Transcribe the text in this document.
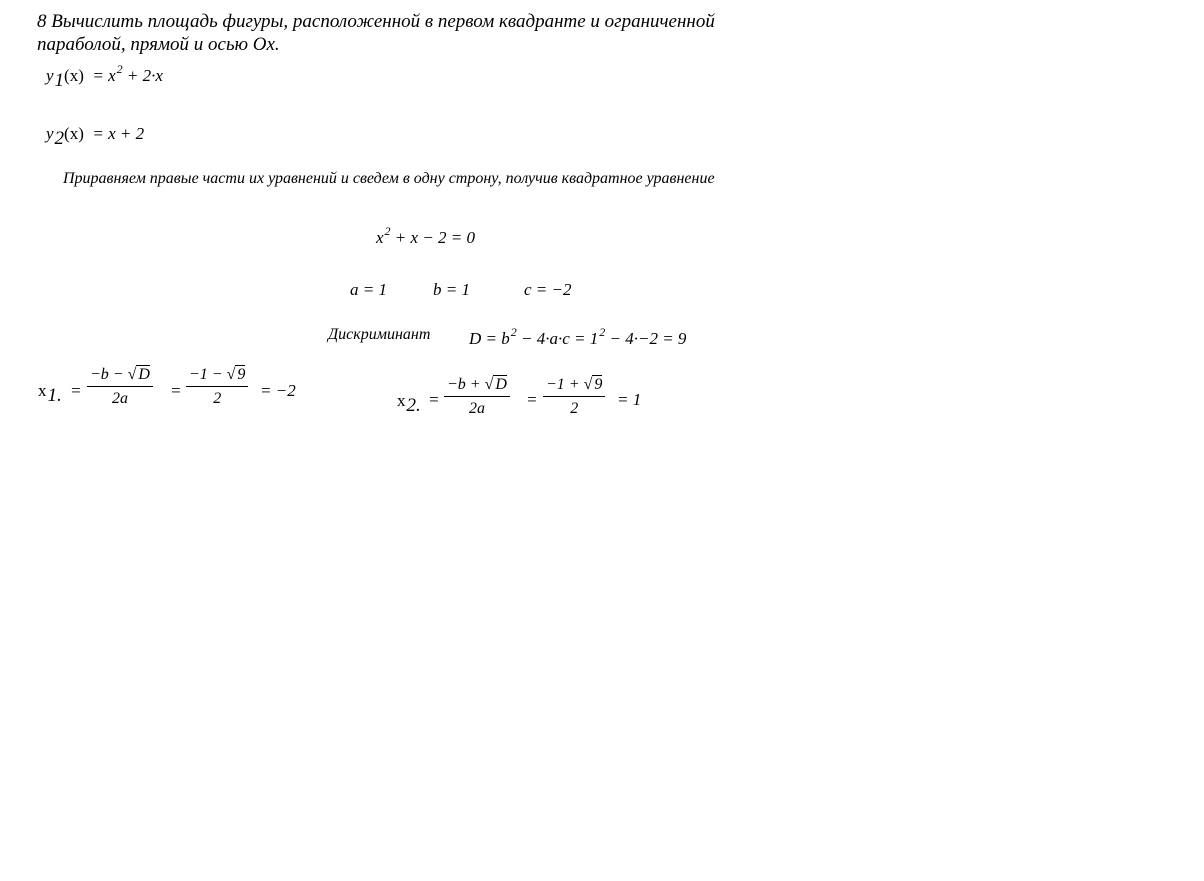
8 Вычислить площадь фигуры, расположенной в первом квадранте и ограниченной
параболой, прямой и осью Ох.
$y1(x) = x^2 + 2\cdot x$
y2(x) = x + 2
Приравняем правые части их уравнений и сведем в одну строну, получив квадратное уравнение
$x^2 + x - 2 = 0$
a = 1	b = 1	c = −2
Дискриминант $D = b^2 - 4\cdot a\cdot c = 1^2 - 4\cdot-2 = 9$
x1. = $\frac{-b - √ D}{2a} = \frac{-1 - √ 9}{2} = -2$
x2. = $\frac{-b + √ D}{2a} = \frac{-1 + √ 9}{2} = 1$
